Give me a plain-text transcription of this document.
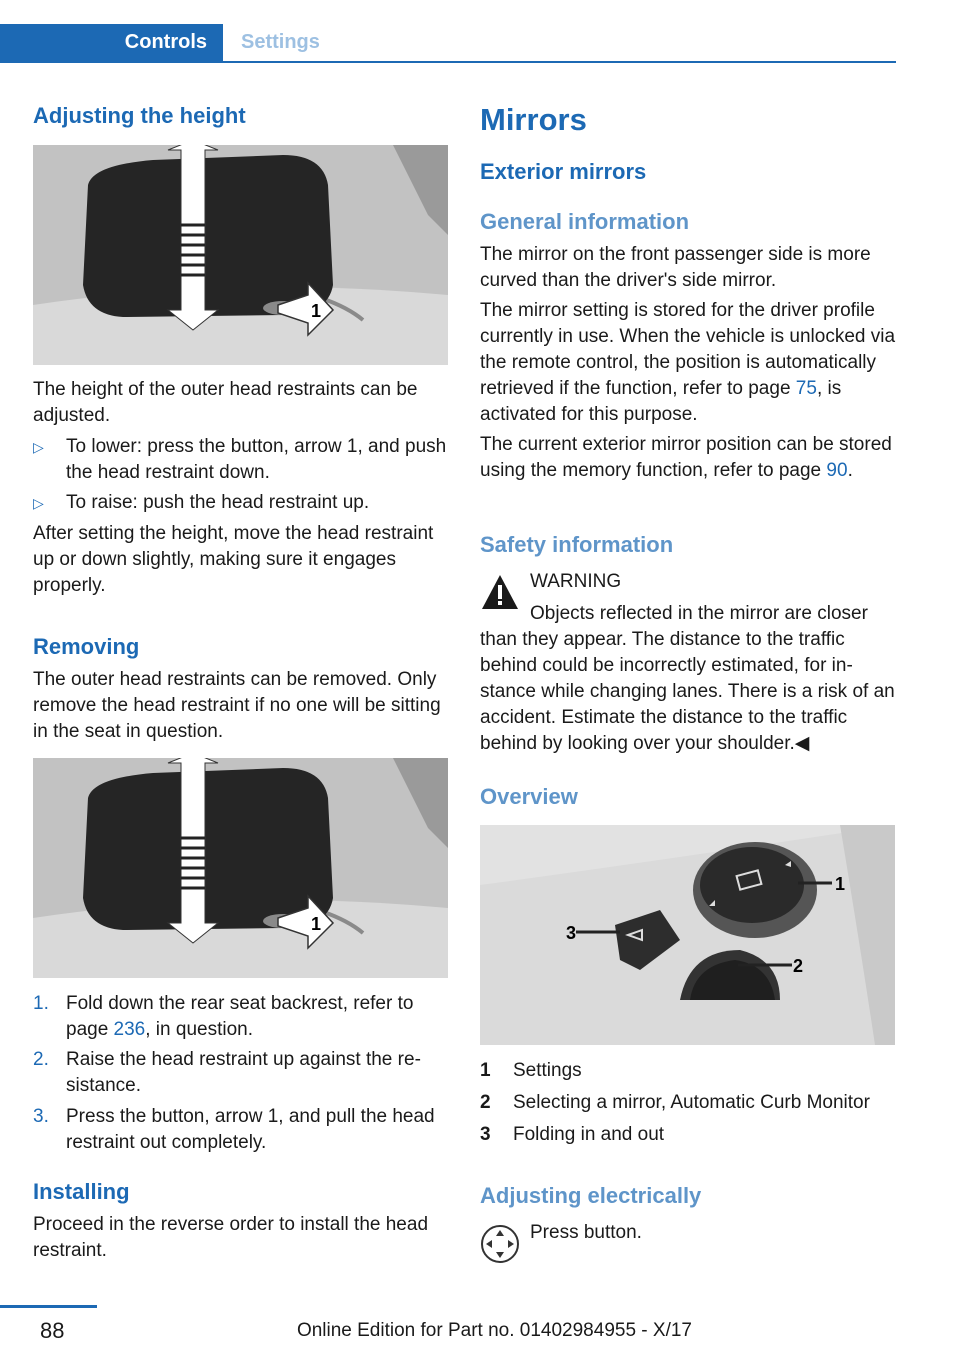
Controls	Settings
Adjusting the height
1

The height of the outer head restraints can be adjusted.

▷ To lower: press the button, arrow 1, and push the head restraint down.
▷ To raise: push the head restraint up.

After setting the height, move the head restraint up or down slightly, making sure it engages properly.

Removing

The outer head restraints can be removed. Only remove the head restraint if no one will be sitting in the seat in question.

1
1. Fold down the rear seat backrest, refer to page 236, in question.
2. Raise the head restraint up against the resistance.
3. Press the button, arrow 1, and pull the head restraint out completely.
Installing

Proceed in the reverse order to install the head restraint.

Mirrors
Exterior mirrors
General information

The mirror on the front passenger side is more curved than the driver's side mirror.

The mirror setting is stored for the driver profile currently in use. When the vehicle is unlocked via the remote control, the position is automatically retrieved if the function, refer to page 75, is activated for this purpose.

The current exterior mirror position can be stored using the memory function, refer to page 90.

Safety information

WARNING

Objects reflected in the mirror are closer

than they appear. The distance to the traffic behind could be incorrectly estimated, for instance while changing lanes. There is a risk of an accident. Estimate the distance to the traffic behind by looking over your shoulder.◀

Overview
1
2
3
1 Settings
2 Selecting a mirror, Automatic Curb Monitor
3 Folding in and out
Adjusting electrically

Press button.

88	Online Edition for Part no. 01402984955 - X/17
